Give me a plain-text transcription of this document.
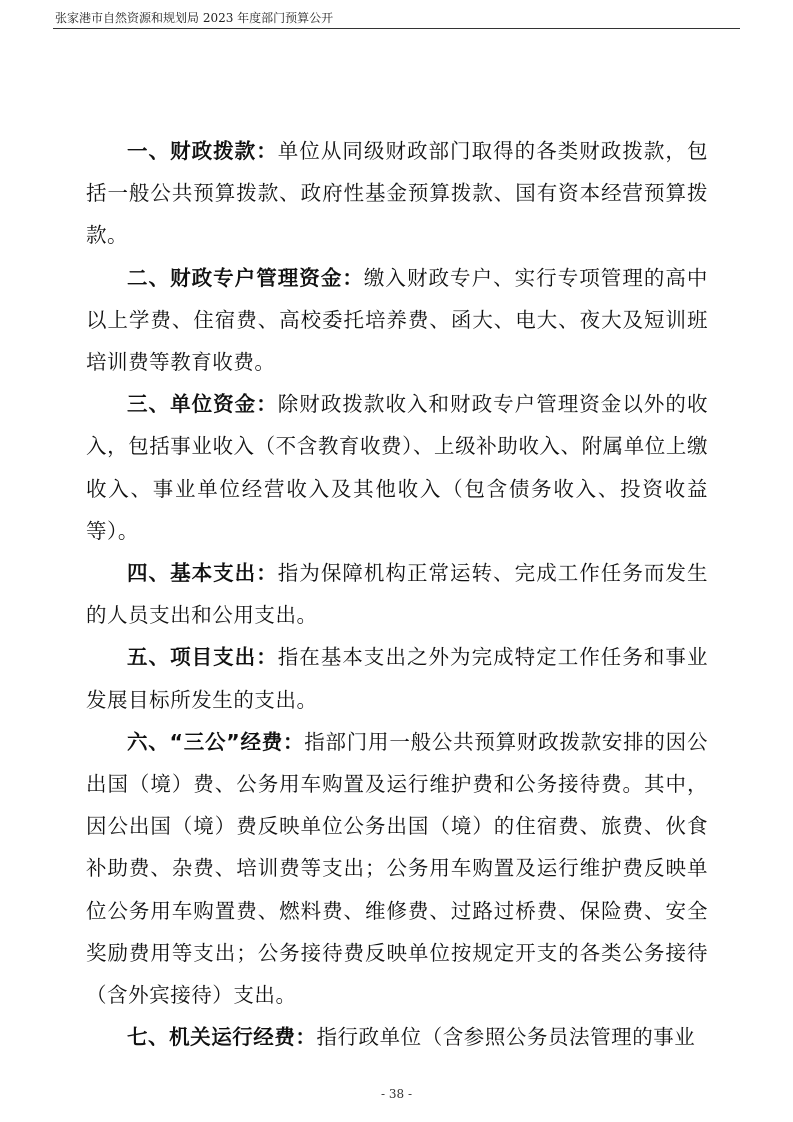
张家港市自然资源和规划局 2023 年度部门预算公开

一、财政拨款：单位从同级财政部门取得的各类财政拨款，包括一般公共预算拨款、政府性基金预算拨款、国有资本经营预算拨款。

二、财政专户管理资金：缴入财政专户、实行专项管理的高中以上学费、住宿费、高校委托培养费、函大、电大、夜大及短训班培训费等教育收费。

三、单位资金：除财政拨款收入和财政专户管理资金以外的收入，包括事业收入（不含教育收费）、上级补助收入、附属单位上缴收入、事业单位经营收入及其他收入（包含债务收入、投资收益等）。

四、基本支出：指为保障机构正常运转、完成工作任务而发生的人员支出和公用支出。

五、项目支出：指在基本支出之外为完成特定工作任务和事业发展目标所发生的支出。

六、“三公”经费：指部门用一般公共预算财政拨款安排的因公出国（境）费、公务用车购置及运行维护费和公务接待费。其中，因公出国（境）费反映单位公务出国（境）的住宿费、旅费、伙食补助费、杂费、培训费等支出；公务用车购置及运行维护费反映单位公务用车购置费、燃料费、维修费、过路过桥费、保险费、安全奖励费用等支出；公务接待费反映单位按规定开支的各类公务接待（含外宾接待）支出。

七、机关运行经费：指行政单位（含参照公务员法管理的事业

- 38 -
